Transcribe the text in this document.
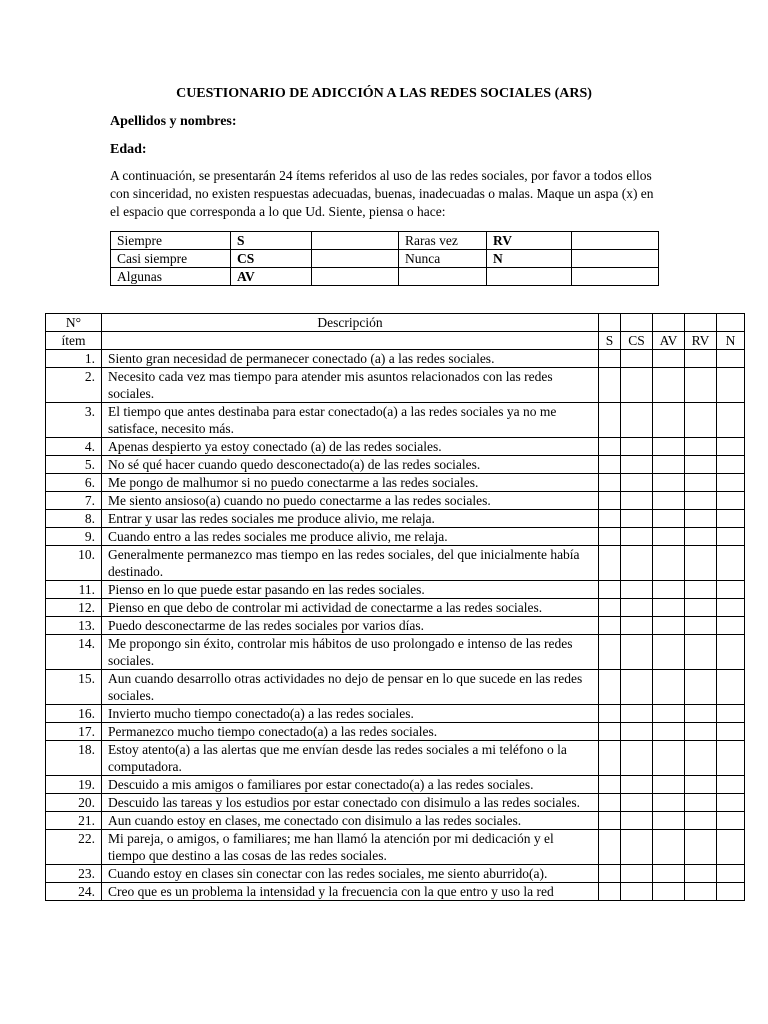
CUESTIONARIO DE ADICCIÓN A LAS REDES SOCIALES (ARS)
Apellidos y nombres:
Edad:

A continuación, se presentarán 24 ítems referidos al uso de las redes sociales, por favor a todos ellos con sinceridad, no existen respuestas adecuadas, buenas, inadecuadas o malas. Maque un aspa (x) en el espacio que corresponda a lo que Ud. Siente, piensa o hace:

Siempre	S		Raras vez	RV	
Casi siempre	CS		Nunca	N	
Algunas	AV				
N°	Descripción					
ítem		S	CS	AV	RV	N
1.	Siento gran necesidad de permanecer conectado (a) a las redes sociales.					
2.	Necesito cada vez mas tiempo para atender mis asuntos relacionados con las redes sociales.					
3.	El tiempo que antes destinaba para estar conectado(a) a las redes sociales ya no me satisface, necesito más.					
4.	Apenas despierto ya estoy conectado (a) de las redes sociales.					
5.	No sé qué hacer cuando quedo desconectado(a) de las redes sociales.					
6.	Me pongo de malhumor si no puedo conectarme a las redes sociales.					
7.	Me siento ansioso(a) cuando no puedo conectarme a las redes sociales.					
8.	Entrar y usar las redes sociales me produce alivio, me relaja.					
9.	Cuando entro a las redes sociales me produce alivio, me relaja.					
10.	Generalmente permanezco mas tiempo en las redes sociales, del que inicialmente había destinado.					
11.	Pienso en lo que puede estar pasando en las redes sociales.					
12.	Pienso en que debo de controlar mi actividad de conectarme a las redes sociales.					
13.	Puedo desconectarme de las redes sociales por varios días.					
14.	Me propongo sin éxito, controlar mis hábitos de uso prolongado e intenso de las redes sociales.					
15.	Aun cuando desarrollo otras actividades no dejo de pensar en lo que sucede en las redes sociales.					
16.	Invierto mucho tiempo conectado(a) a las redes sociales.					
17.	Permanezco mucho tiempo conectado(a) a las redes sociales.					
18.	Estoy atento(a) a las alertas que me envían desde las redes sociales a mi teléfono o la computadora.					
19.	Descuido a mis amigos o familiares por estar conectado(a) a las redes sociales.					
20.	Descuido las tareas y los estudios por estar conectado con disimulo a las redes sociales.					
21.	Aun cuando estoy en clases, me conectado con disimulo a las redes sociales.					
22.	Mi pareja, o amigos, o familiares; me han llamó la atención por mi dedicación y el tiempo que destino a las cosas de las redes sociales.					
23.	Cuando estoy en clases sin conectar con las redes sociales, me siento aburrido(a).					
24.	Creo que es un problema la intensidad y la frecuencia con la que entro y uso la red					
